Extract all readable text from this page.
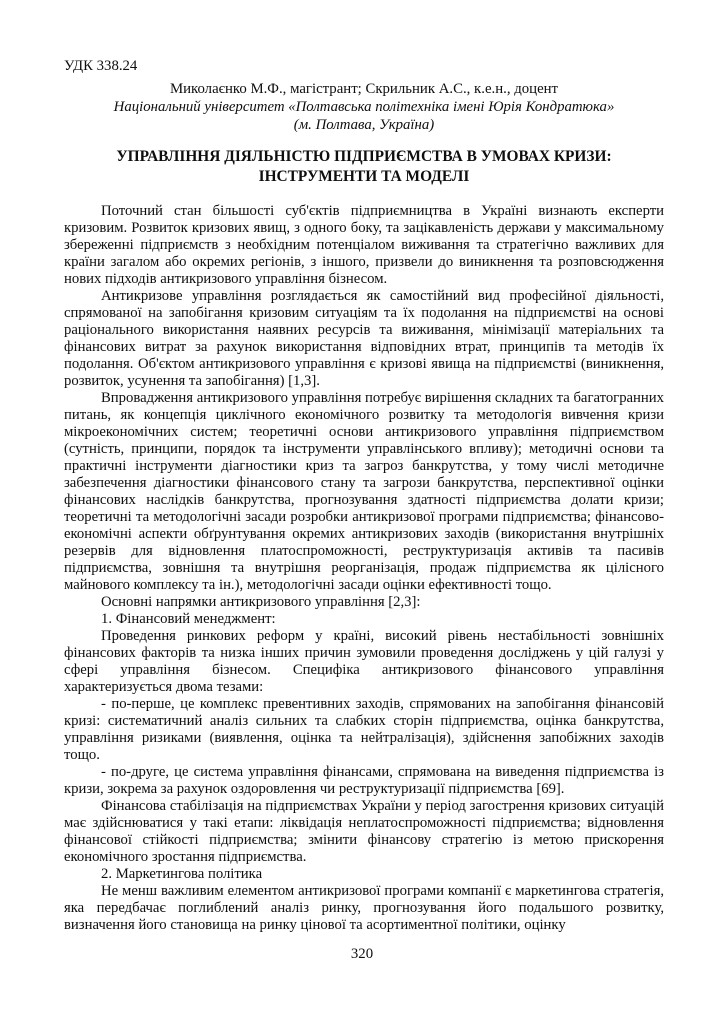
УДК 338.24
Миколаєнко М.Ф., магістрант; Скрильник А.С., к.е.н., доцент
Національний університет «Полтавська політехніка імені Юрія Кондратюка»
(м. Полтава, Україна)
УПРАВЛІННЯ ДІЯЛЬНІСТЮ ПІДПРИЄМСТВА В УМОВАХ КРИЗИ:
ІНСТРУМЕНТИ ТА МОДЕЛІ

Поточний стан більшості суб'єктів підприємництва в Україні визнають експерти кризовим. Розвиток кризових явищ, з одного боку, та зацікавленість держави у максимальному збереженні підприємств з необхідним потенціалом виживання та стратегічно важливих для країни загалом або окремих регіонів, з іншого, призвели до виникнення та розповсюдження нових підходів антикризового управління бізнесом.

Антикризове управління розглядається як самостійний вид професійної діяльності, спрямованої на запобігання кризовим ситуаціям та їх подолання на підприємстві на основі раціонального використання наявних ресурсів та виживання, мінімізації матеріальних та фінансових витрат за рахунок використання відповідних втрат, принципів та методів їх подолання. Об'єктом антикризового управління є кризові явища на підприємстві (виникнення, розвиток, усунення та запобігання) [1,3].

Впровадження антикризового управління потребує вирішення складних та багатогранних питань, як концепція циклічного економічного розвитку та методологія вивчення кризи мікроекономічних систем; теоретичні основи антикризового управління підприємством (сутність, принципи, порядок та інструменти управлінського впливу); методичні основи та практичні інструменти діагностики криз та загроз банкрутства, у тому числі методичне забезпечення діагностики фінансового стану та загрози банкрутства, перспективної оцінки фінансових наслідків банкрутства, прогнозування здатності підприємства долати кризи; теоретичні та методологічні засади розробки антикризової програми підприємства; фінансово-економічні аспекти обґрунтування окремих антикризових заходів (використання внутрішніх резервів для відновлення платоспроможності, реструктуризація активів та пасивів підприємства, зовнішня та внутрішня реорганізація, продаж підприємства як цілісного майнового комплексу та ін.), методологічні засади оцінки ефективності тощо.

Основні напрямки антикризового управління [2,3]:

1. Фінансовий менеджмент:

Проведення ринкових реформ у країні, високий рівень нестабільності зовнішніх фінансових факторів та низка інших причин зумовили проведення досліджень у цій галузі у сфері управління бізнесом. Специфіка антикризового фінансового управління характеризується двома тезами:

- по-перше, це комплекс превентивних заходів, спрямованих на запобігання фінансовій кризі: систематичний аналіз сильних та слабких сторін підприємства, оцінка банкрутства, управління ризиками (виявлення, оцінка та нейтралізація), здійснення запобіжних заходів тощо.

- по-друге, це система управління фінансами, спрямована на виведення підприємства із кризи, зокрема за рахунок оздоровлення чи реструктуризації підприємства [69].

Фінансова стабілізація на підприємствах України у період загострення кризових ситуацій має здійснюватися у такі етапи: ліквідація неплатоспроможності підприємства; відновлення фінансової стійкості підприємства; змінити фінансову стратегію із метою прискорення економічного зростання підприємства.

2. Маркетингова політика

Не менш важливим елементом антикризової програми компанії є маркетингова стратегія, яка передбачає поглиблений аналіз ринку, прогнозування його подальшого розвитку, визначення його становища на ринку цінової та асортиментної політики, оцінку

320
